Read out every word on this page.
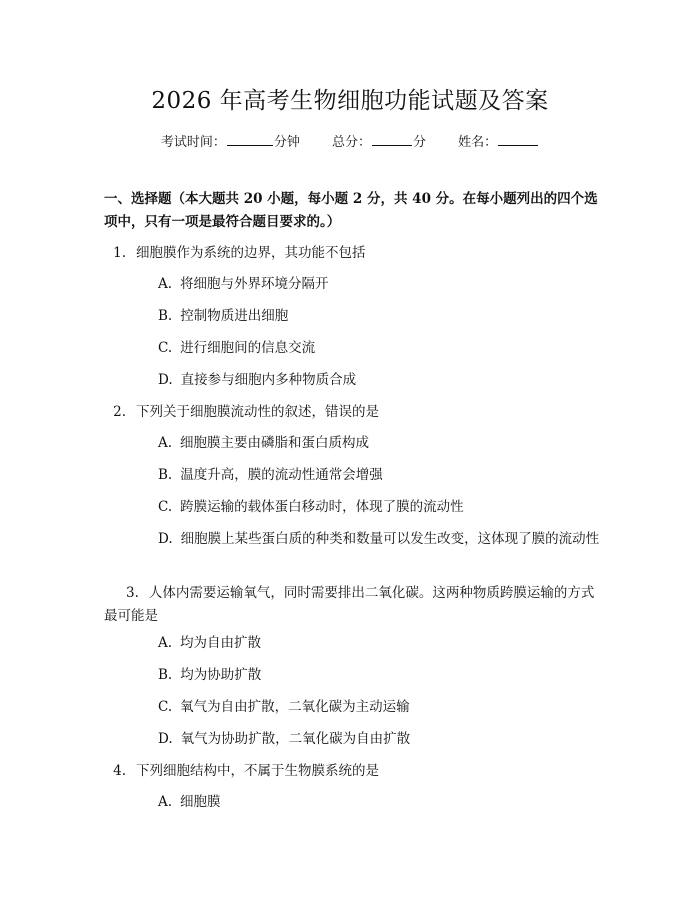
2026 年高考生物细胞功能试题及答案
考试时间：	分钟 总分：	分 姓名：

一、选择题（本大题共 20 小题，每小题 2 分，共 40 分。在每小题列出的四个选项中，只有一项是最符合题目要求的。）

1. 细胞膜作为系统的边界，其功能不包括
A. 将细胞与外界环境分隔开
B. 控制物质进出细胞
C. 进行细胞间的信息交流
D. 直接参与细胞内多种物质合成
2. 下列关于细胞膜流动性的叙述，错误的是
A. 细胞膜主要由磷脂和蛋白质构成
B. 温度升高，膜的流动性通常会增强
C. 跨膜运输的载体蛋白移动时，体现了膜的流动性
D. 细胞膜上某些蛋白质的种类和数量可以发生改变，这体现了膜的流动性
3. 人体内需要运输氧气，同时需要排出二氧化碳。这两种物质跨膜运输的方式最可能是
A. 均为自由扩散
B. 均为协助扩散
C. 氧气为自由扩散，二氧化碳为主动运输
D. 氧气为协助扩散，二氧化碳为自由扩散
4. 下列细胞结构中，不属于生物膜系统的是
A. 细胞膜
